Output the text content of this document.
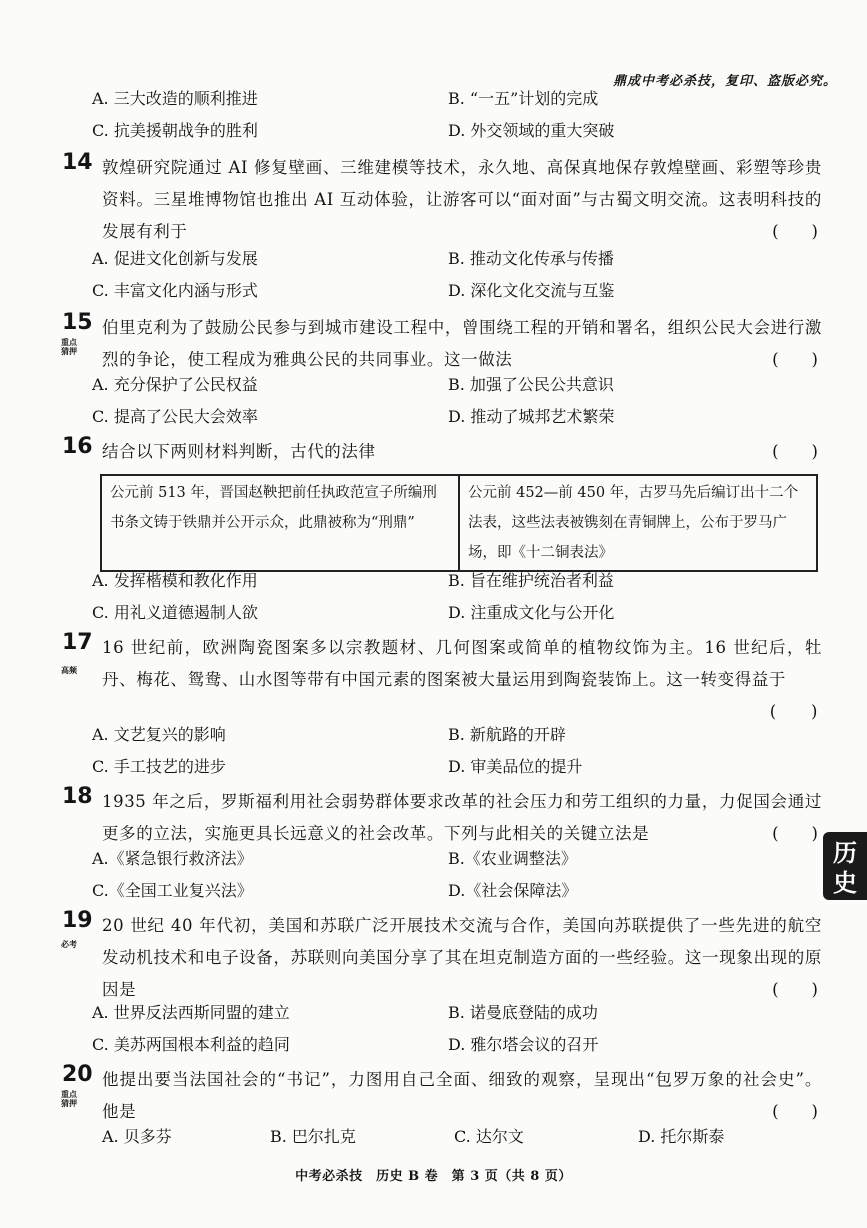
鼎成中考必杀技，复印、盗版必究。
A. 三大改造的顺利推进	B. “一五”计划的完成
C. 抗美援朝战争的胜利	D. 外交领域的重大突破
14 敦煌研究院通过 AI 修复壁画、三维建模等技术，永久地、高保真地保存敦煌壁画、彩塑等珍贵资料。三星堆博物馆也推出 AI 互动体验，让游客可以“面对面”与古蜀文明交流。这表明科技的发展有利于	(　　)
A. 促进文化创新与发展	B. 推动文化传承与传播
C. 丰富文化内涵与形式	D. 深化文化交流与互鉴
15
重点 猜押
伯里克利为了鼓励公民参与到城市建设工程中，曾围绕工程的开销和署名，组织公民大会进行激烈的争论，使工程成为雅典公民的共同事业。这一做法	(　　)
A. 充分保护了公民权益	B. 加强了公民公共意识
C. 提高了公民大会效率	D. 推动了城邦艺术繁荣
16 结合以下两则材料判断，古代的法律	(　　)
公元前 513 年，晋国赵鞅把前任执政范宣子所编刑书条文铸于铁鼎并公开示众，此鼎被称为“刑鼎”	公元前 452—前 450 年，古罗马先后编订出十二个法表，这些法表被镌刻在青铜牌上，公布于罗马广场，即《十二铜表法》
A. 发挥楷模和教化作用	B. 旨在维护统治者利益
C. 用礼义道德遏制人欲	D. 注重成文化与公开化
17
高频
16 世纪前，欧洲陶瓷图案多以宗教题材、几何图案或简单的植物纹饰为主。16 世纪后，牡丹、梅花、鸳鸯、山水图等带有中国元素的图案被大量运用到陶瓷装饰上。这一转变得益于
(　　)
A. 文艺复兴的影响	B. 新航路的开辟
C. 手工技艺的进步	D. 审美品位的提升
18 1935 年之后，罗斯福利用社会弱势群体要求改革的社会压力和劳工组织的力量，力促国会通过更多的立法，实施更具长远意义的社会改革。下列与此相关的关键立法是	(　　)
A.《紧急银行救济法》	B.《农业调整法》
C.《全国工业复兴法》	D.《社会保障法》
19
必考
20 世纪 40 年代初，美国和苏联广泛开展技术交流与合作，美国向苏联提供了一些先进的航空发动机技术和电子设备，苏联则向美国分享了其在坦克制造方面的一些经验。这一现象出现的原因是	(　　)
A. 世界反法西斯同盟的建立	B. 诺曼底登陆的成功
C. 美苏两国根本利益的趋同	D. 雅尔塔会议的召开
20
重点 猜押
他提出要当法国社会的“书记”，力图用自己全面、细致的观察，呈现出“包罗万象的社会史”。他是	(　　)
A. 贝多芬	B. 巴尔扎克	C. 达尔文	D. 托尔斯泰
历史
中考必杀技　历史 B 卷　第 3 页（共 8 页）
